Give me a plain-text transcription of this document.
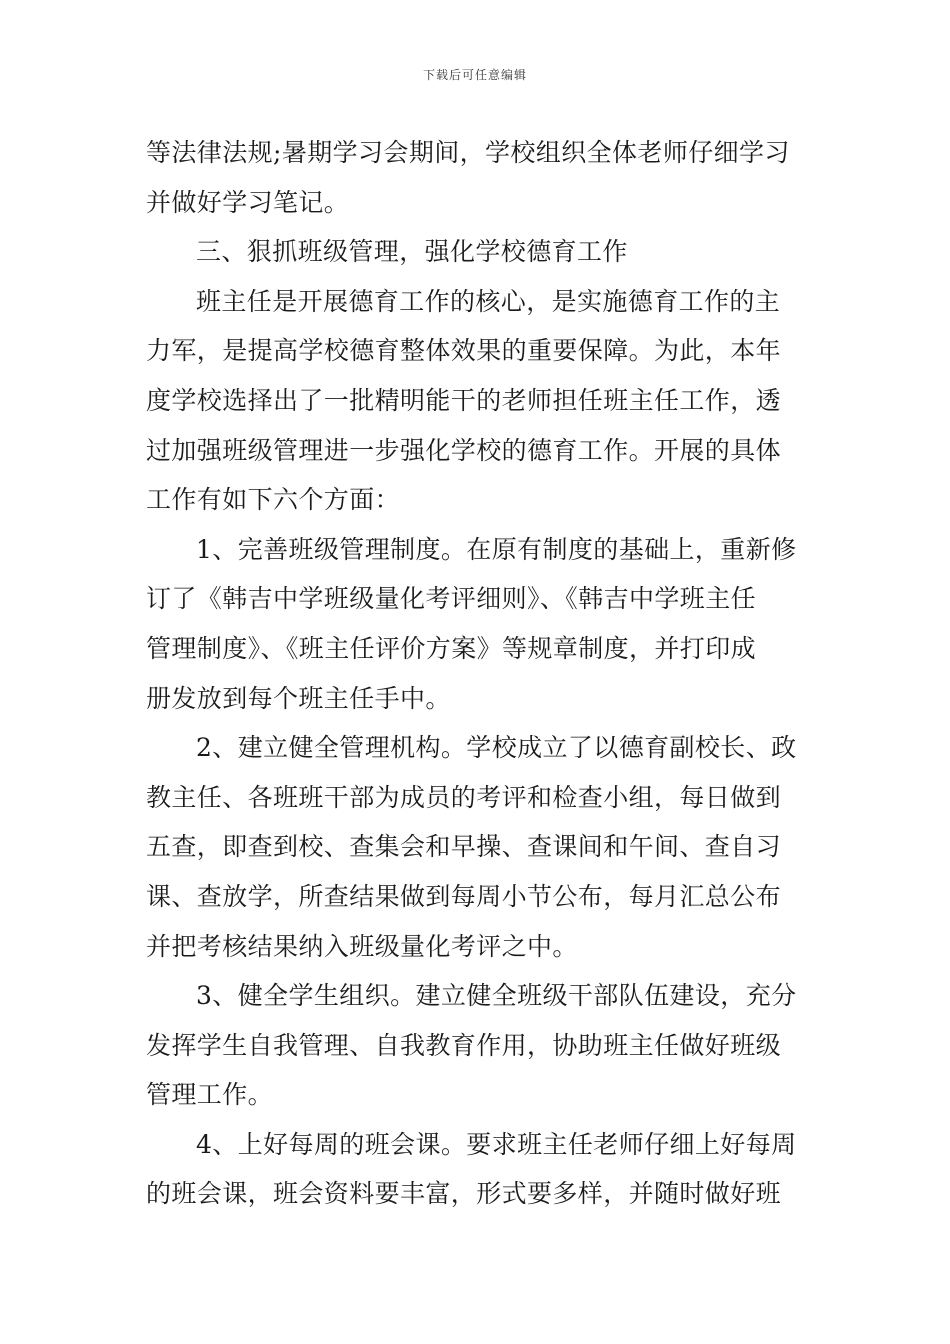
下载后可任意编辑
等法律法规;暑期学习会期间，学校组织全体老师仔细学习
并做好学习笔记。
三、狠抓班级管理，强化学校德育工作
班主任是开展德育工作的核心，是实施德育工作的主
力军，是提高学校德育整体效果的重要保障。为此，本年
度学校选择出了一批精明能干的老师担任班主任工作，透
过加强班级管理进一步强化学校的德育工作。开展的具体
工作有如下六个方面：
1、完善班级管理制度。在原有制度的基础上，重新修
订了《韩吉中学班级量化考评细则》、《韩吉中学班主任
管理制度》、《班主任评价方案》等规章制度，并打印成
册发放到每个班主任手中。
2、建立健全管理机构。学校成立了以德育副校长、政
教主任、各班班干部为成员的考评和检查小组，每日做到
五查，即查到校、查集会和早操、查课间和午间、查自习
课、查放学，所查结果做到每周小节公布，每月汇总公布
并把考核结果纳入班级量化考评之中。
3、健全学生组织。建立健全班级干部队伍建设，充分
发挥学生自我管理、自我教育作用，协助班主任做好班级
管理工作。
4、上好每周的班会课。要求班主任老师仔细上好每周
的班会课，班会资料要丰富，形式要多样，并随时做好班
